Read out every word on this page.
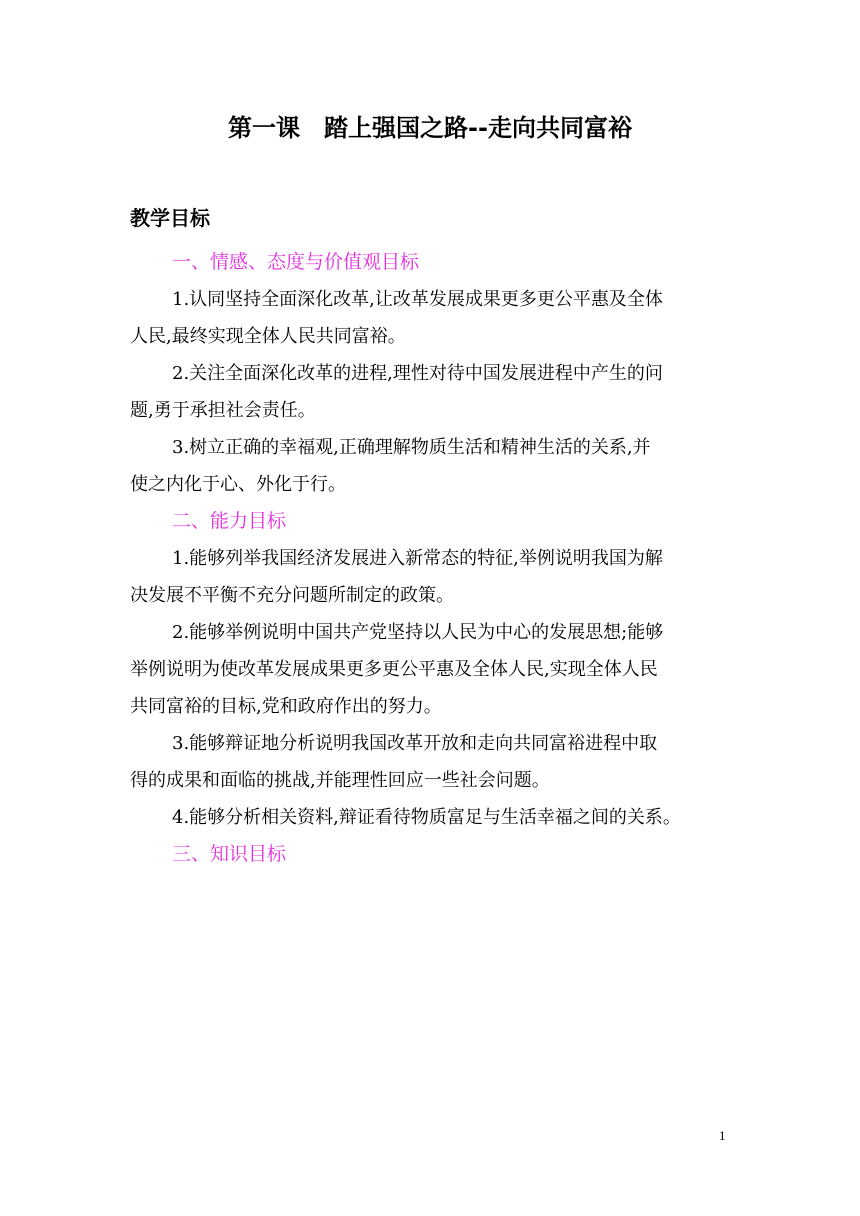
第一课　踏上强国之路--走向共同富裕
教学目标
一、情感、态度与价值观目标
1.认同坚持全面深化改革,让改革发展成果更多更公平惠及全体
人民,最终实现全体人民共同富裕。
2.关注全面深化改革的进程,理性对待中国发展进程中产生的问
题,勇于承担社会责任。
3.树立正确的幸福观,正确理解物质生活和精神生活的关系,并
使之内化于心、外化于行。
二、能力目标
1.能够列举我国经济发展进入新常态的特征,举例说明我国为解
决发展不平衡不充分问题所制定的政策。
2.能够举例说明中国共产党坚持以人民为中心的发展思想;能够
举例说明为使改革发展成果更多更公平惠及全体人民,实现全体人民
共同富裕的目标,党和政府作出的努力。
3.能够辩证地分析说明我国改革开放和走向共同富裕进程中取
得的成果和面临的挑战,并能理性回应一些社会问题。
4.能够分析相关资料,辩证看待物质富足与生活幸福之间的关系。
三、知识目标
1
